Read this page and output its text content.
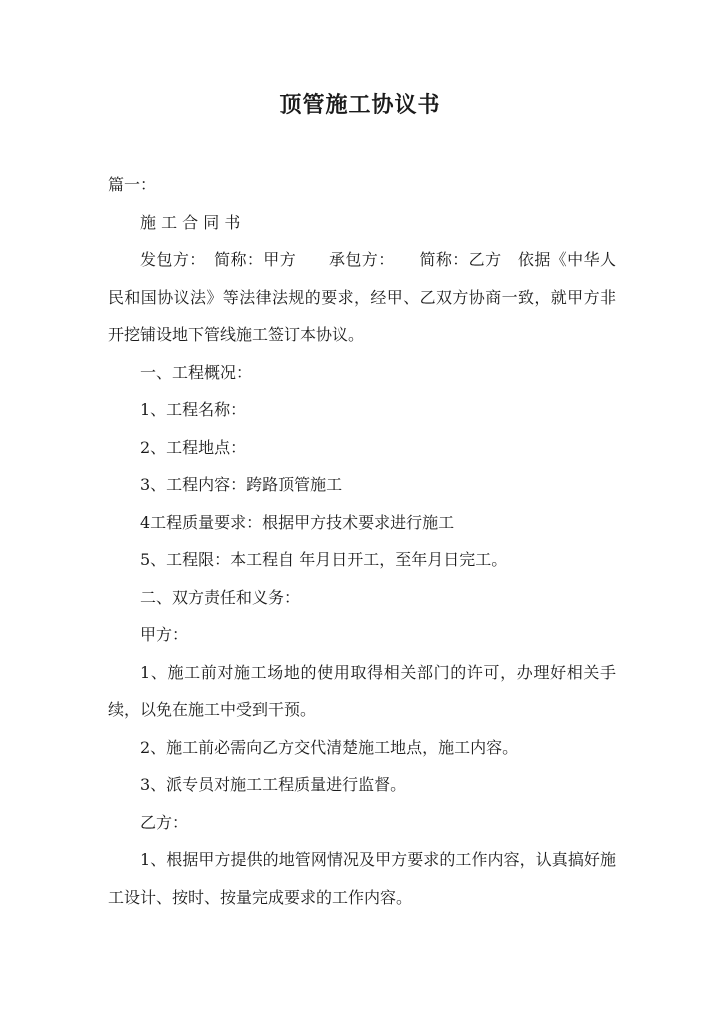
顶管施工协议书

篇一：

施 工 合 同 书

发包方：　简称：甲方　　承包方：　　简称：乙方　依据《中华人民和国协议法》等法律法规的要求，经甲、乙双方协商一致，就甲方非开挖铺设地下管线施工签订本协议。

一、工程概况：

1、工程名称：

2、工程地点：

3、工程内容：跨路顶管施工

4工程质量要求：根据甲方技术要求进行施工

5、工程限：本工程自 年月日开工，至年月日完工。

二、双方责任和义务：

甲方：

1、施工前对施工场地的使用取得相关部门的许可，办理好相关手续，以免在施工中受到干预。

2、施工前必需向乙方交代清楚施工地点，施工内容。

3、派专员对施工工程质量进行监督。

乙方：

1、根据甲方提供的地管网情况及甲方要求的工作内容，认真搞好施工设计、按时、按量完成要求的工作内容。
